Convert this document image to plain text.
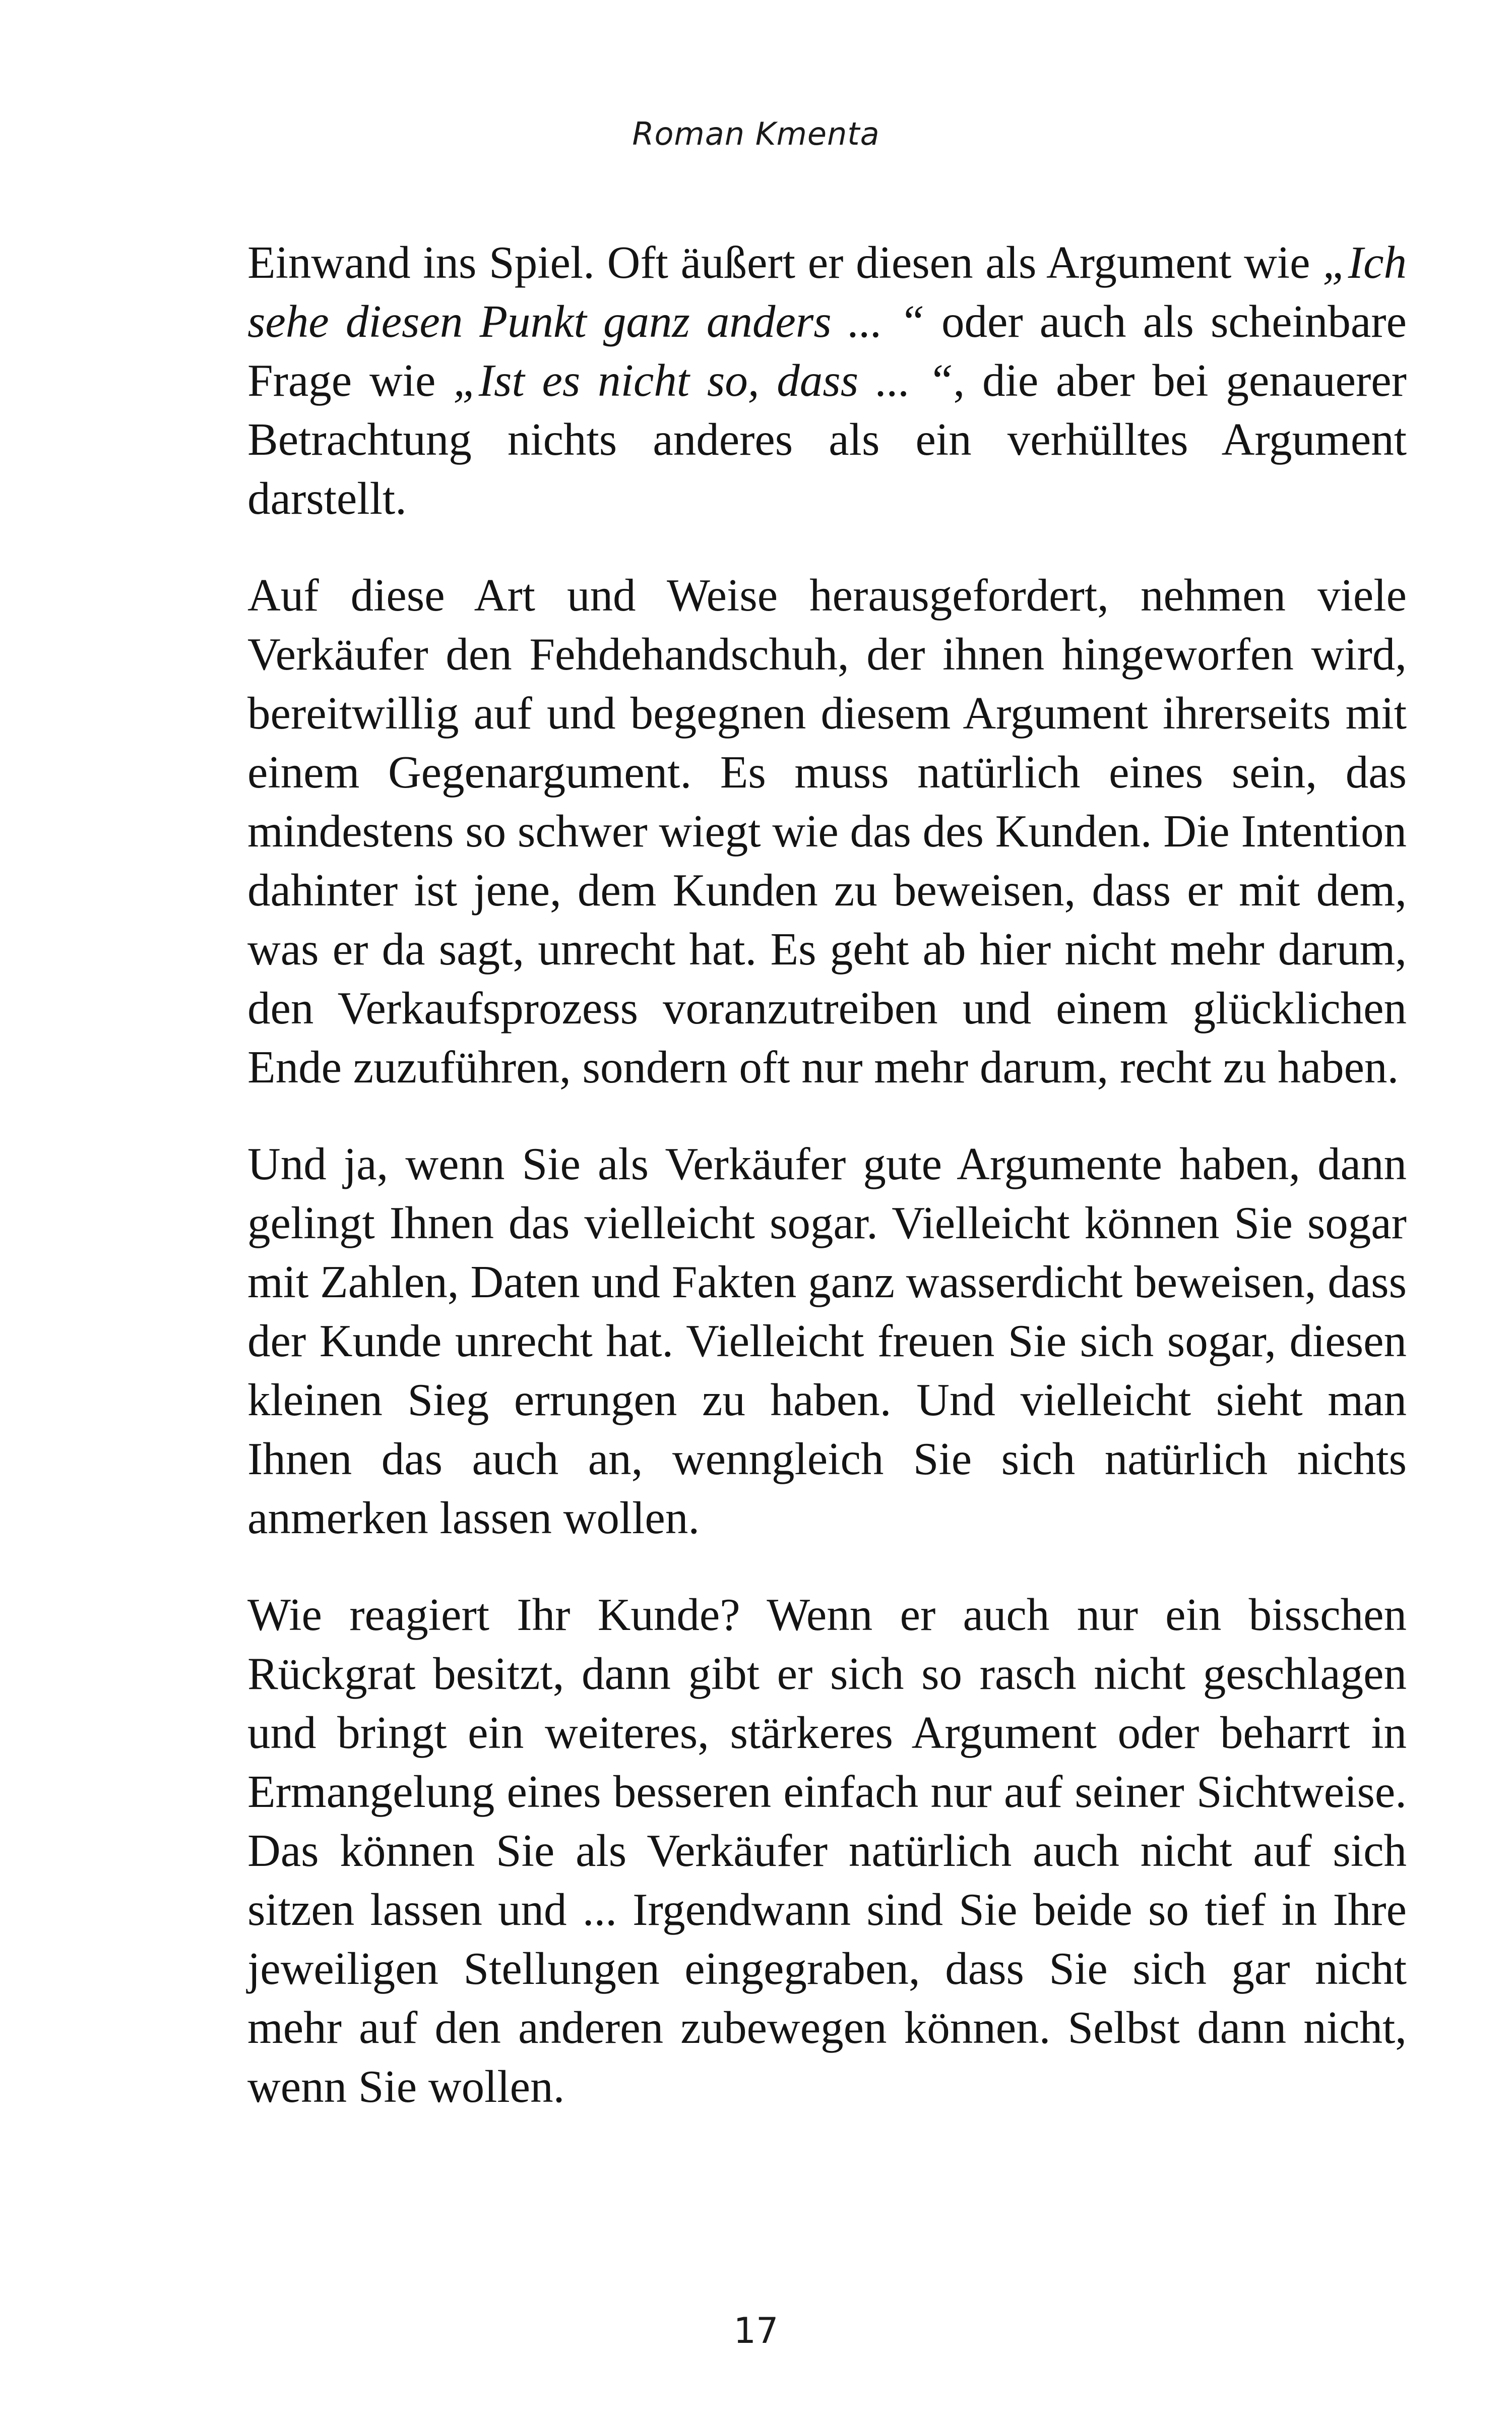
Roman Kmenta

Einwand ins Spiel. Oft äußert er diesen als Argument wie „Ich sehe diesen Punkt ganz anders ... “ oder auch als scheinbare Frage wie „Ist es nicht so, dass ... “, die aber bei genauerer Betrachtung nichts anderes als ein verhülltes Argument darstellt.

Auf diese Art und Weise herausgefordert, nehmen viele Verkäufer den Fehdehandschuh, der ihnen hingeworfen wird, bereitwillig auf und begegnen diesem Argument ihrerseits mit einem Gegenargument. Es muss natürlich eines sein, das mindestens so schwer wiegt wie das des Kunden. Die Intention dahinter ist jene, dem Kunden zu beweisen, dass er mit dem, was er da sagt, unrecht hat. Es geht ab hier nicht mehr darum, den Verkaufsprozess voranzutreiben und einem glücklichen Ende zuzuführen, sondern oft nur mehr darum, recht zu haben.

Und ja, wenn Sie als Verkäufer gute Argumente haben, dann gelingt Ihnen das vielleicht sogar. Vielleicht können Sie sogar mit Zahlen, Daten und Fakten ganz wasserdicht beweisen, dass der Kunde unrecht hat. Vielleicht freuen Sie sich sogar, diesen kleinen Sieg errungen zu haben. Und vielleicht sieht man Ihnen das auch an, wenngleich Sie sich natürlich nichts anmerken lassen wollen.

Wie reagiert Ihr Kunde? Wenn er auch nur ein bisschen Rückgrat besitzt, dann gibt er sich so rasch nicht geschlagen und bringt ein weiteres, stärkeres Argument oder beharrt in Ermangelung eines besseren einfach nur auf seiner Sichtweise. Das können Sie als Verkäufer natürlich auch nicht auf sich sitzen lassen und ... Irgendwann sind Sie beide so tief in Ihre jeweiligen Stellungen eingegraben, dass Sie sich gar nicht mehr auf den anderen zubewegen können. Selbst dann nicht, wenn Sie wollen.

17
